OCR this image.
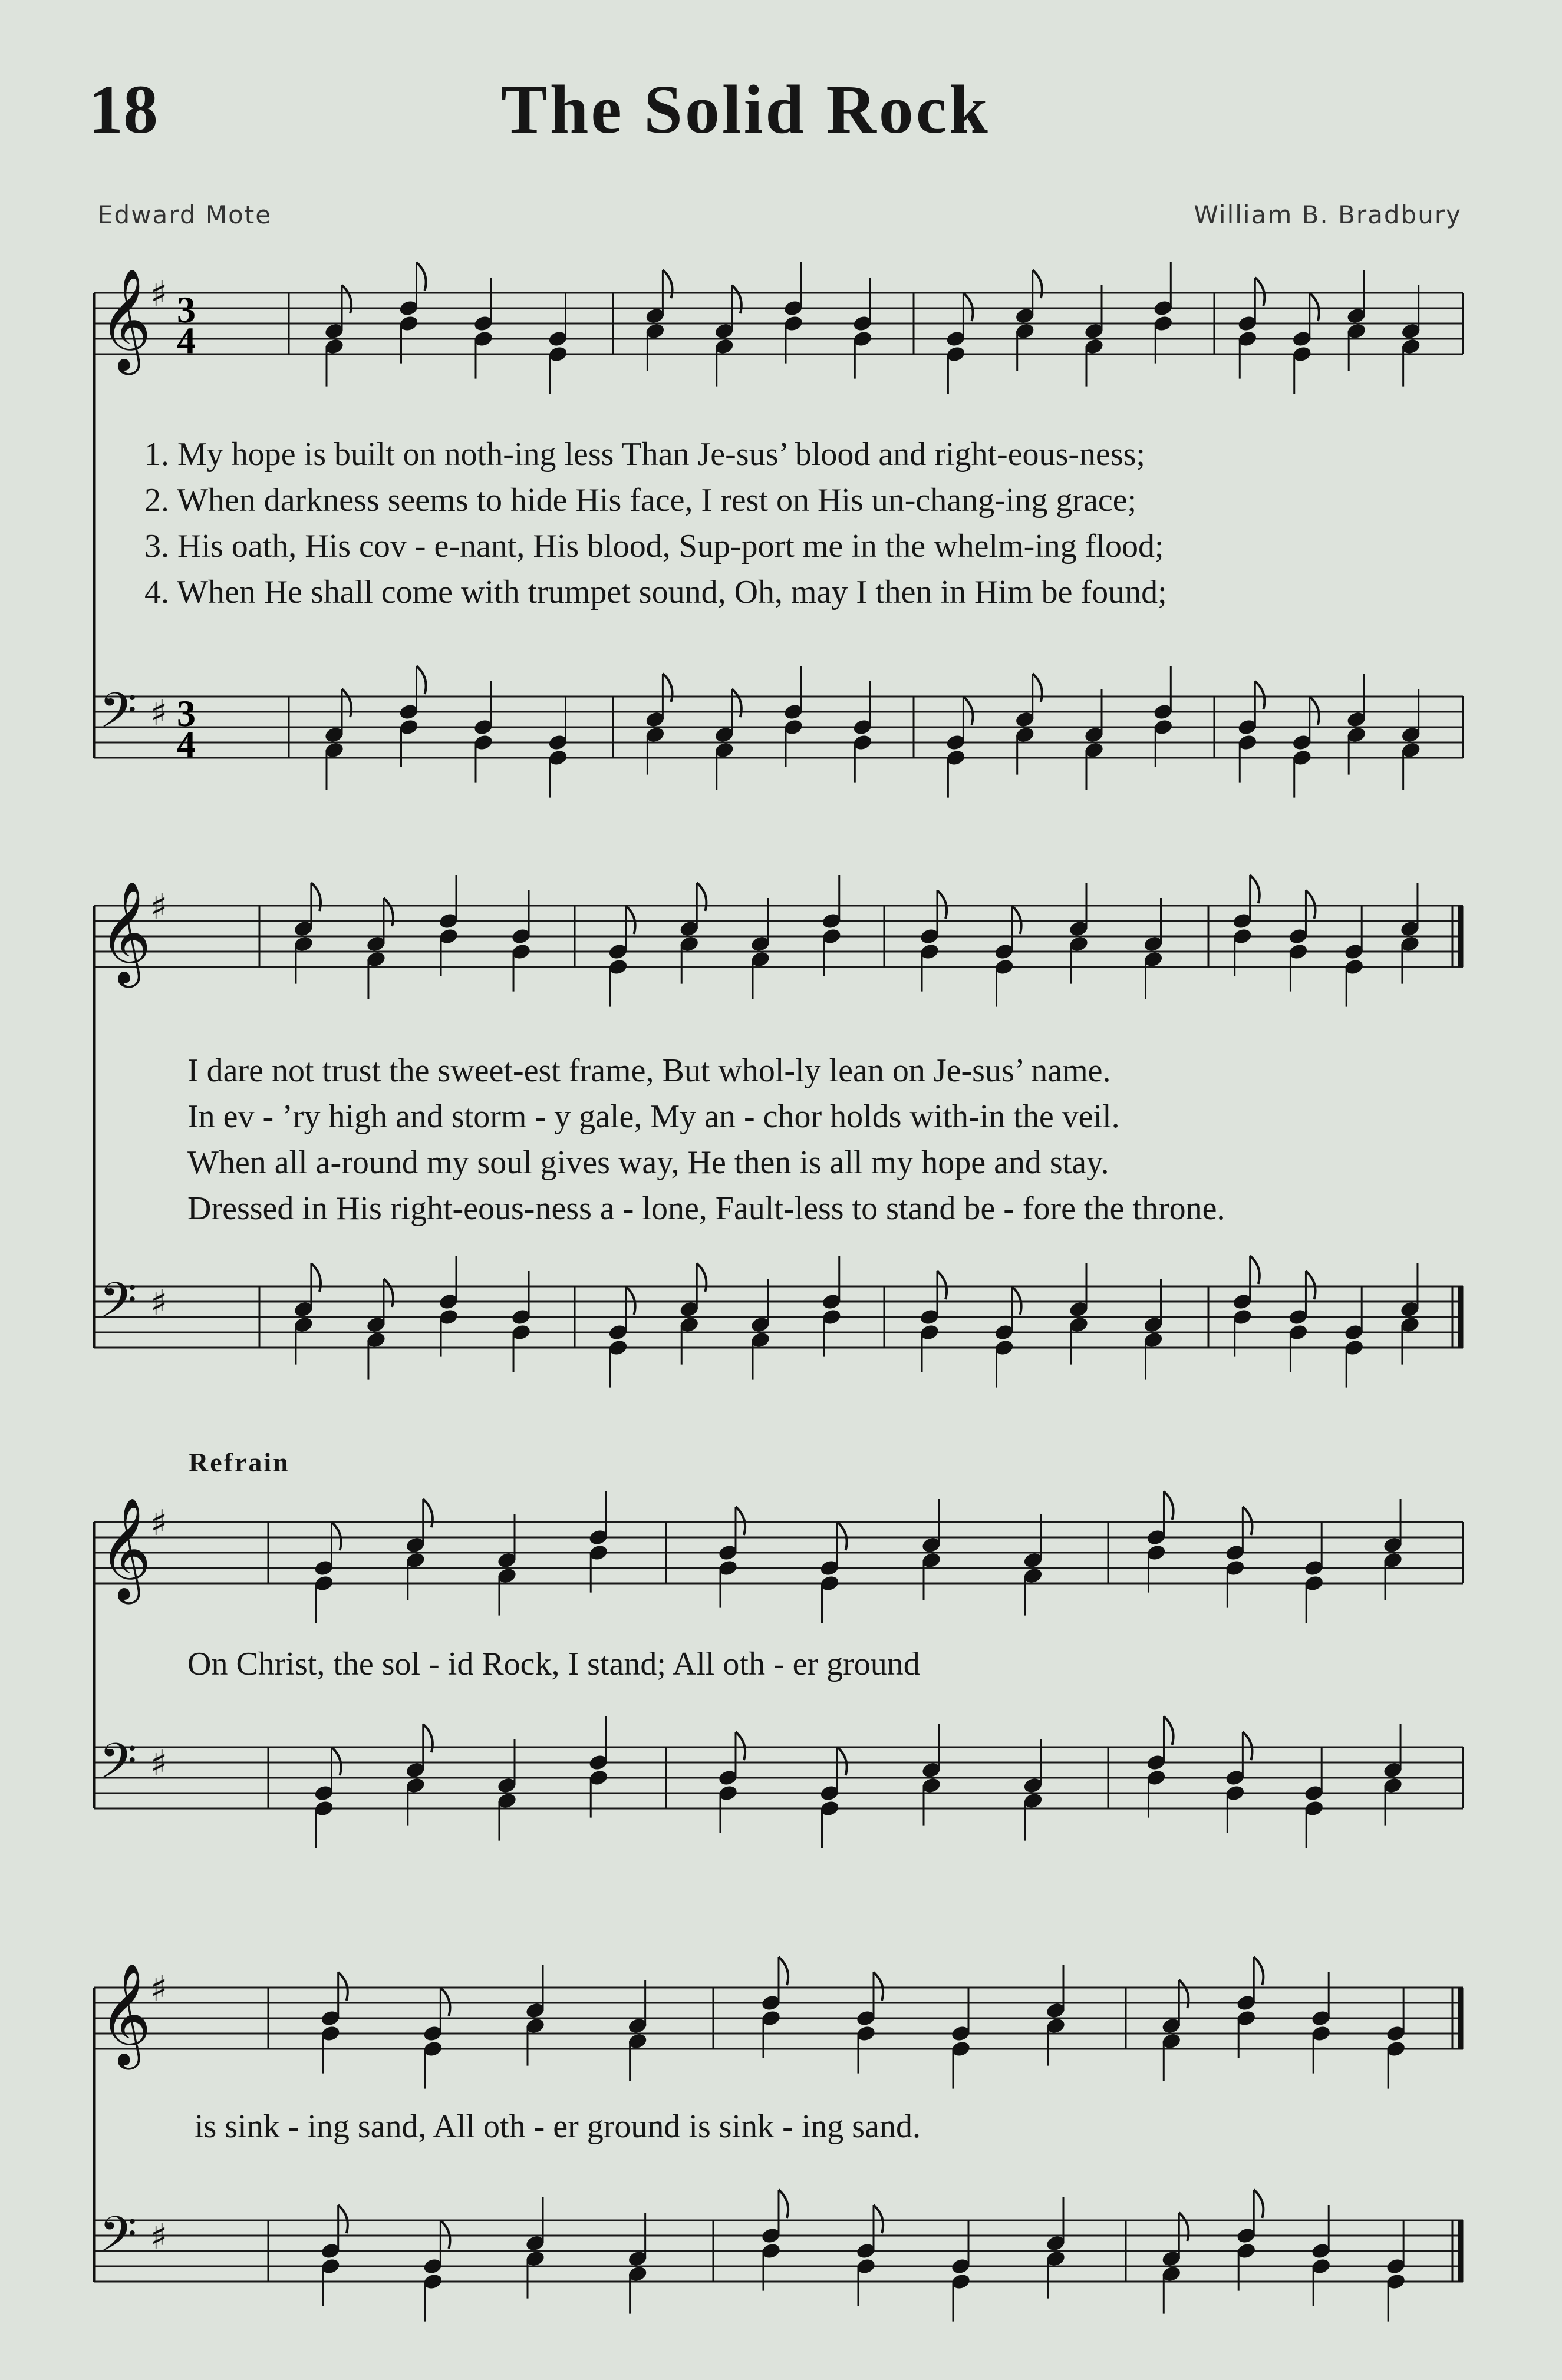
18	The Solid Rock
Edward Mote	William B. Bradbury
𝄞
♯ 3
4
𝄢 ♯ 3
4
𝄞
♯
𝄢 ♯
𝄞
♯
𝄢 ♯
𝄞
♯
𝄢 ♯
1. My hope is built on noth-ing less Than Je-sus’ blood and right-eous-ness;
2. When darkness seems to hide His face, I rest on His un-chang-ing grace;
3. His oath, His cov - e-nant, His blood, Sup-port me in the whelm-ing flood;
4. When He shall come with trumpet sound, Oh, may I then in Him be found;
I dare not trust the sweet-est frame, But whol-ly lean on Je-sus’ name.
In ev - ’ry high and storm - y gale, My an - chor holds with-in the veil.
When all a-round my soul gives way, He then is all my hope and stay.
Dressed in His right-eous-ness a - lone, Fault-less to stand be - fore the throne.
Refrain
On Christ, the sol - id Rock, I stand; All oth - er ground
is sink - ing sand, All oth - er ground is sink - ing sand.
